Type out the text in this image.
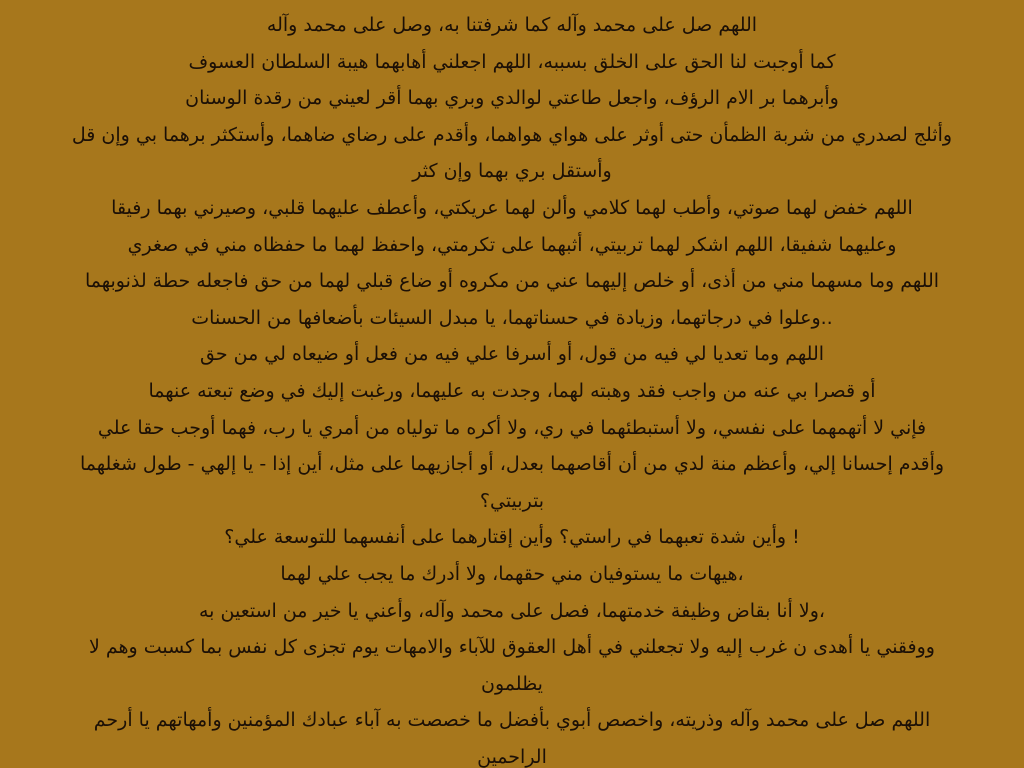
اللهم صل على محمد وآله كما شرفتنا به، وصل على محمد وآله
كما أوجبت لنا الحق على الخلق بسببه، اللهم اجعلني أهابهما هيبة السلطان العسوف
وأبرهما بر الام الرؤف، واجعل طاعتي لوالدي وبري بهما أقر لعيني من رقدة الوسنان
وأثلج لصدري من شربة الظمأن حتى أوثر على هواي هواهما، وأقدم على رضاي ضاهما، وأستكثر برهما بي وإن قل
وأستقل بري بهما وإن كثر
اللهم خفض لهما صوتي، وأطب لهما كلامي وألن لهما عريكتي، وأعطف عليهما قلبي، وصيرني بهما رفيقا
وعليهما شفيقا، اللهم اشكر لهما تربيتي، أثبهما على تكرمتي، واحفظ لهما ما حفظاه مني في صغري
اللهم وما مسهما مني من أذى، أو خلص إليهما عني من مكروه أو ضاع قبلي لهما من حق فاجعله حطة لذنوبهما
..وعلوا في درجاتهما، وزيادة في حسناتهما، يا مبدل السيئات بأضعافها من الحسنات
اللهم وما تعديا لي فيه من قول، أو أسرفا علي فيه من فعل أو ضيعاه لي من حق
أو قصرا بي عنه من واجب فقد وهبته لهما، وجدت به عليهما، ورغبت إليك في وضع تبعته عنهما
فإني لا أتهمهما على نفسي، ولا أستبطئهما في ري، ولا أكره ما تولياه من أمري يا رب، فهما أوجب حقا علي
وأقدم إحسانا إلي، وأعظم منة لدي من أن أقاصهما بعدل، أو أجازيهما على مثل، أين إذا - يا إلهي - طول شغلهما
بتربيتي؟
! وأين شدة تعبهما في راستي؟ وأين إقتارهما على أنفسهما للتوسعة علي؟
،هيهات ما يستوفيان مني حقهما، ولا أدرك ما يجب علي لهما
،ولا أنا بقاض وظيفة خدمتهما، فصل على محمد وآله، وأعني يا خير من استعين به
ووفقني يا أهدى ن غرب إليه ولا تجعلني في أهل العقوق للآباء والامهات يوم تجزى كل نفس بما كسبت وهم لا
يظلمون
اللهم صل على محمد وآله وذريته، واخصص أبوي بأفضل ما خصصت به آباء عبادك المؤمنين وأمهاتهم يا أرحم
الراحمين
